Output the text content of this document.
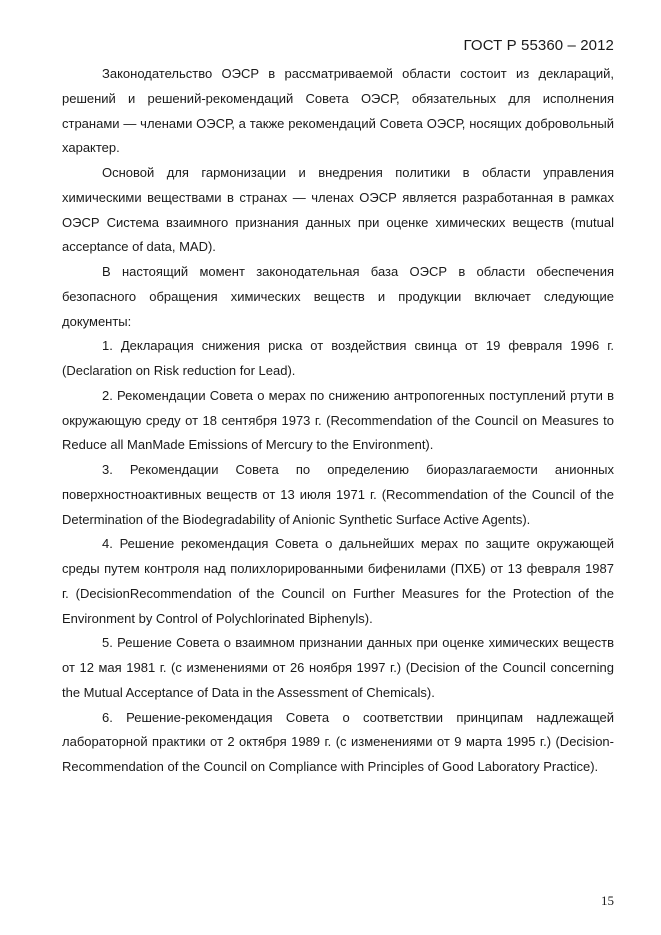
ГОСТ Р 55360 – 2012

Законодательство ОЭСР в рассматриваемой области состоит из деклараций, решений и решений-рекомендаций Совета ОЭСР, обязательных для исполнения странами — членами ОЭСР, а также рекомендаций Совета ОЭСР, носящих добровольный характер.

Основой для гармонизации и внедрения политики в области управления химическими веществами в странах — членах ОЭСР является разработанная в рамках ОЭСР Система взаимного признания данных при оценке химических веществ (mutual acceptance of data, MAD).

В настоящий момент законодательная база ОЭСР в области обеспечения безопасного обращения химических веществ и продукции включает следующие документы:

1. Декларация снижения риска от воздействия свинца от 19 февраля 1996 г. (Declaration on Risk reduction for Lead).

2. Рекомендации Совета о мерах по снижению антропогенных поступлений ртути в окружающую среду от 18 сентября 1973 г. (Recommendation of the Council on Measures to Reduce all ManMade Emissions of Mercury to the Environment).

3. Рекомендации Совета по определению биоразлагаемости анионных поверхностноактивных веществ от 13 июля 1971 г. (Recommendation of the Council of the Determination of the Biodegradability of Anionic Synthetic Surface Active Agents).

4. Решение рекомендация Совета о дальнейших мерах по защите окружающей среды путем контроля над полихлорированными бифенилами (ПХБ) от 13 февраля 1987 г. (DecisionRecommendation of the Council on Further Measures for the Protection of the Environment by Control of Polychlorinated Biphenyls).

5. Решение Совета о взаимном признании данных при оценке химических веществ от 12 мая 1981 г. (с изменениями от 26 ноября 1997 г.) (Decision of the Council concerning the Mutual Acceptance of Data in the Assessment of Chemicals).

6. Решение-рекомендация Совета о соответствии принципам надлежащей лабораторной практики от 2 октября 1989 г. (с изменениями от 9 марта 1995 г.) (Decision-Recommendation of the Council on Compliance with Principles of Good Laboratory Practice).

15
